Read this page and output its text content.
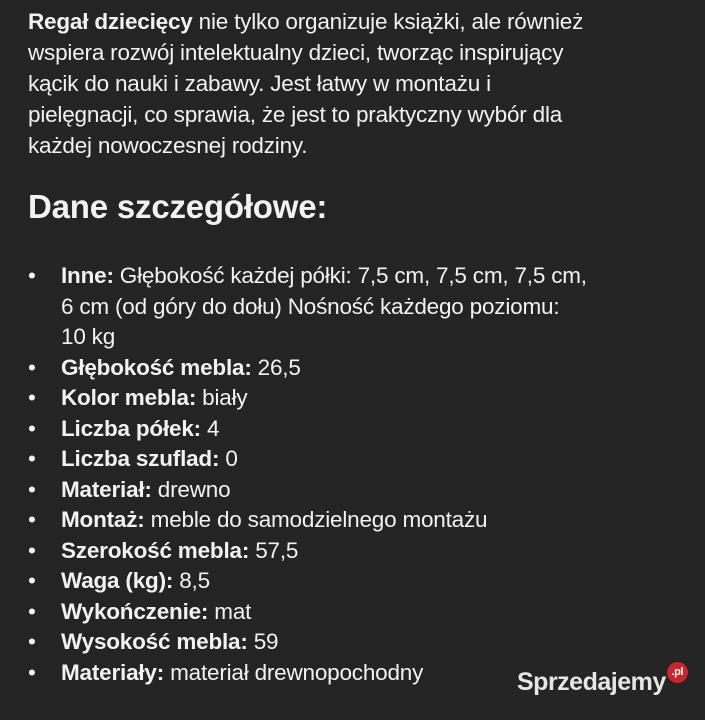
Regał dziecięcy nie tylko organizuje książki, ale również
wspiera rozwój intelektualny dzieci, tworząc inspirujący
kącik do nauki i zabawy. Jest łatwy w montażu i
pielęgnacji, co sprawia, że jest to praktyczny wybór dla
każdej nowoczesnej rodziny.
Dane szczegółowe:
• Inne: Głębokość każdej półki: 7,5 cm, 7,5 cm, 7,5 cm,
6 cm (od góry do dołu) Nośność każdego poziomu:
10 kg
• Głębokość mebla: 26,5
• Kolor mebla: biały
• Liczba półek: 4
• Liczba szuflad: 0
• Materiał: drewno
• Montaż: meble do samodzielnego montażu
• Szerokość mebla: 57,5
• Waga (kg): 8,5
• Wykończenie: mat
• Wysokość mebla: 59
• Materiały: materiał drewnopochodny	Sprzedajemy .pl
